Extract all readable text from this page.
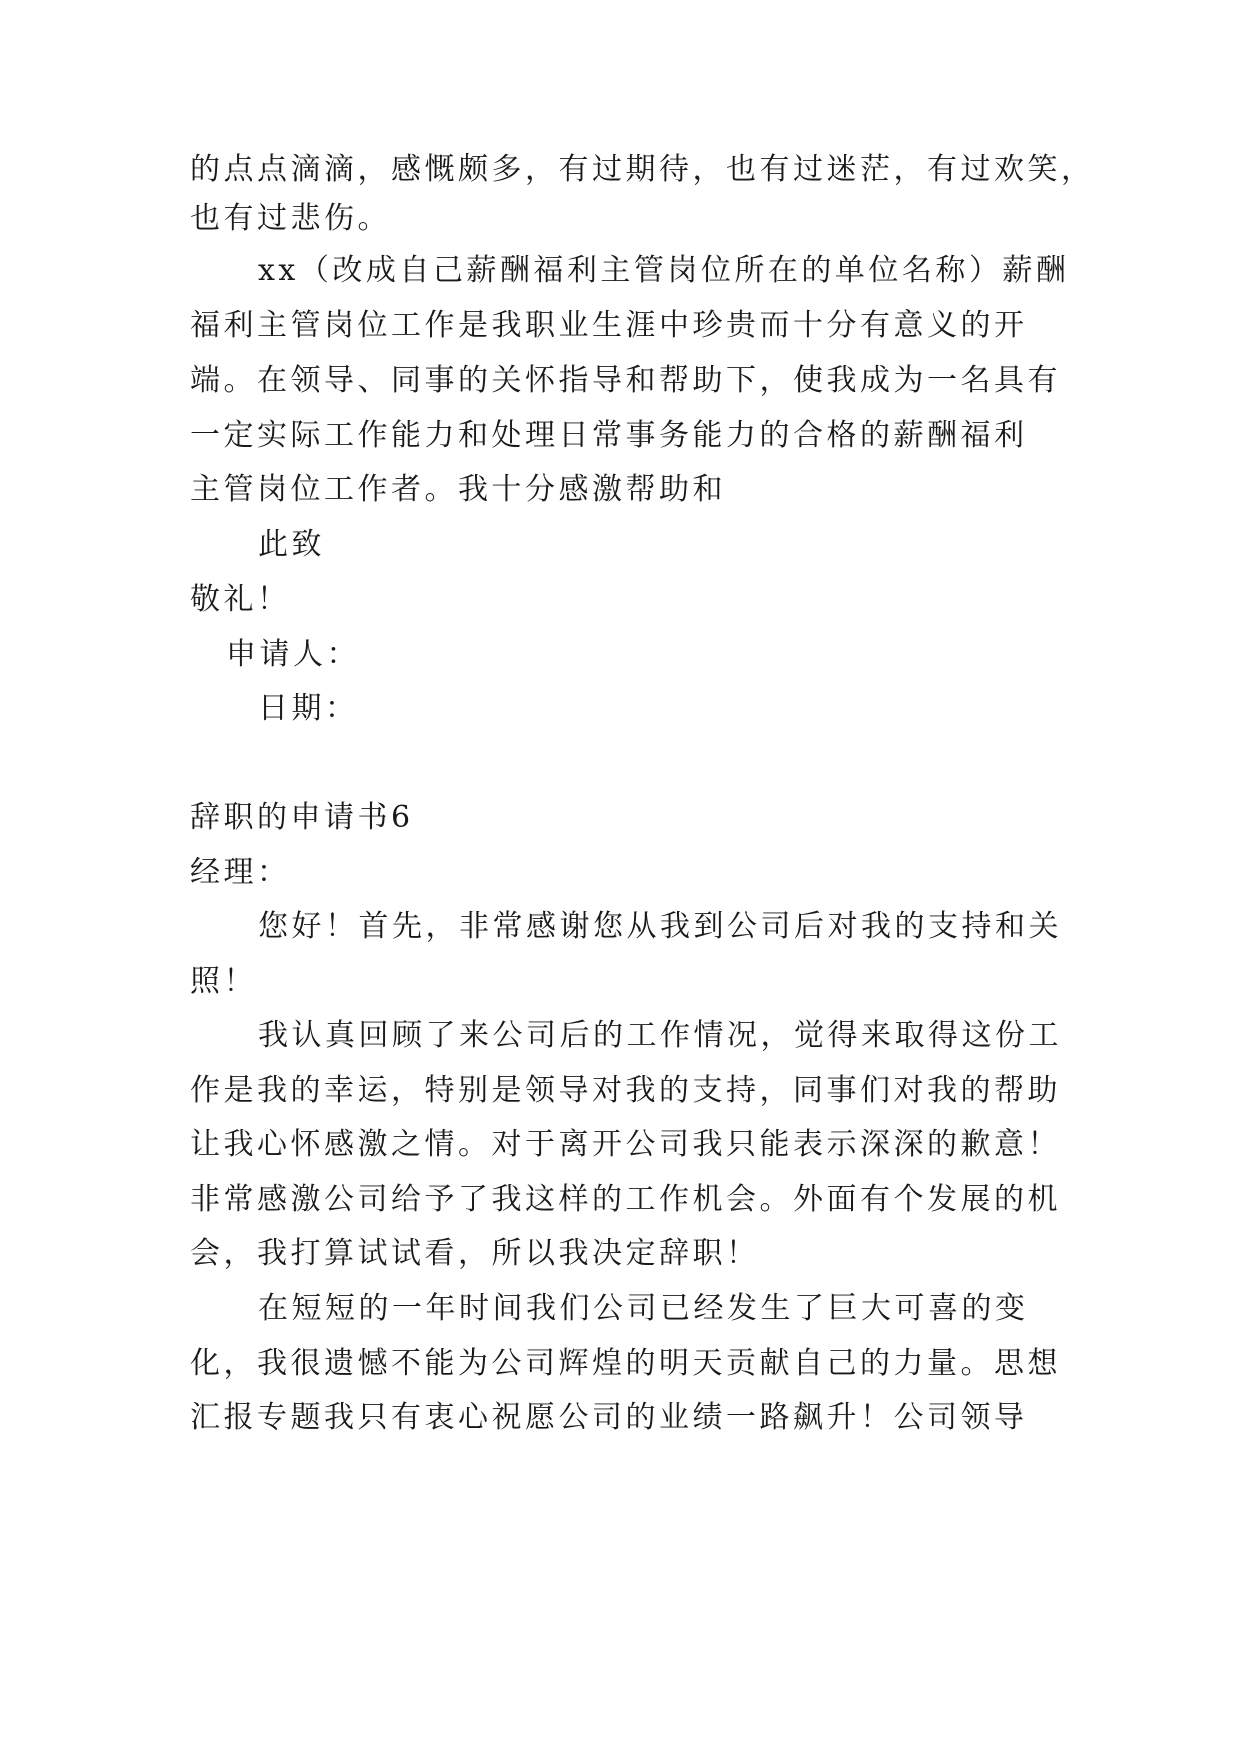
的点点滴滴，感慨颇多，有过期待，也有过迷茫，有过欢笑，
也有过悲伤。
xx（改成自己薪酬福利主管岗位所在的单位名称）薪酬
福利主管岗位工作是我职业生涯中珍贵而十分有意义的开
端。在领导、同事的关怀指导和帮助下，使我成为一名具有
一定实际工作能力和处理日常事务能力的合格的薪酬福利
主管岗位工作者。我十分感激帮助和
此致
敬礼！
申请人：
日期：
辞职的申请书6
经理：
您好！首先，非常感谢您从我到公司后对我的支持和关
照！
我认真回顾了来公司后的工作情况，觉得来取得这份工
作是我的幸运，特别是领导对我的支持，同事们对我的帮助
让我心怀感激之情。对于离开公司我只能表示深深的歉意！
非常感激公司给予了我这样的工作机会。外面有个发展的机
会，我打算试试看，所以我决定辞职！
在短短的一年时间我们公司已经发生了巨大可喜的变
化，我很遗憾不能为公司辉煌的明天贡献自己的力量。思想
汇报专题我只有衷心祝愿公司的业绩一路飙升！公司领导
